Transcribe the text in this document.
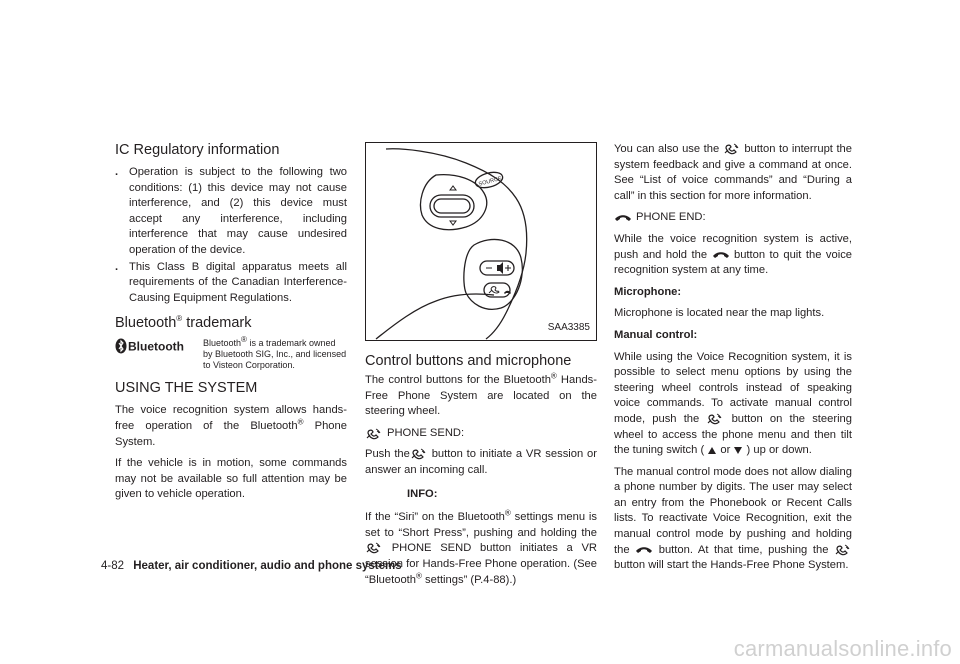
IC Regulatory information
. Operation is subject to the following two conditions: (1) this device may not cause interference, and (2) this device must accept any interference, including interference that may cause undesired operation of the device.
. This Class B digital apparatus meets all requirements of the Canadian Interference-Causing Equipment Regulations.
Bluetooth® trademark
Bluetooth Bluetooth® is a trademark owned by Bluetooth SIG, Inc., and licensed to Visteon Corporation.
USING THE SYSTEM

The voice recognition system allows hands-free operation of the Bluetooth® Phone System.

If the vehicle is in motion, some commands may not be available so full attention may be given to vehicle operation.

SOURCE
SAA3385
Control buttons and microphone

The control buttons for the Bluetooth® Hands-Free Phone System are located on the steering wheel.

PHONE SEND:

Push the button to initiate a VR session or answer an incoming call.

INFO:

If the “Siri” on the Bluetooth® settings menu is set to “Short Press”, pushing and holding the  PHONE SEND button initiates a VR session for Hands-Free Phone operation. (See “Bluetooth® settings” (P.4-88).)

You can also use the  button to interrupt the system feedback and give a command at once. See “List of voice commands” and “During a call” in this section for more information.

PHONE END:

While the voice recognition system is active, push and hold the  button to quit the voice recognition system at any time.

Microphone:

Microphone is located near the map lights.

Manual control:

While using the Voice Recognition system, it is possible to select menu options by using the steering wheel controls instead of speaking voice commands. To activate manual control mode, push the  button on the steering wheel to access the phone menu and then tilt the tuning switch (  or  ) up or down.

The manual control mode does not allow dialing a phone number by digits. The user may select an entry from the Phonebook or Recent Calls lists. To reactivate Voice Recognition, exit the manual control mode by pushing and holding the  button. At that time, pushing the  button will start the Hands-Free Phone System.

4-82 Heater, air conditioner, audio and phone systems
carmanualsonline.info
